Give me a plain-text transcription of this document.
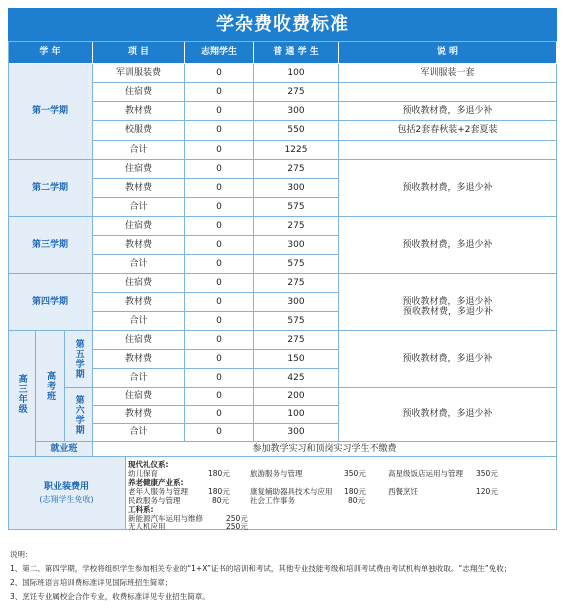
学杂费收费标准
学 年	项 目	志翔学生	普 通 学 生	说 明
第一学期
军训服装费	0	100	军训服装一套
住宿费	0	275
教材费	0	300	预收教材费，多退少补
校服费	0	550	包括2套春秋装+2套夏装
合计	0	1225
第二学期
住宿费	0	275
教材费	0	300
合计	0	575
预收教材费，多退少补
第三学期
住宿费	0	275
教材费	0	300
合计	0	575
预收教材费，多退少补
第四学期
住宿费	0	275
教材费	0	300
合计	0	575
预收教材费，多退少补
预收教材费，多退少补
高三年级	高考班
第五学期
第六学期
住宿费	0	275
教材费	0	150
合计	0	425
预收教材费，多退少补
住宿费	0	200
教材费	0	100
合计	0	300
预收教材费，多退少补
就业班	参加教学实习和顶岗实习学生不缴费
职业装费用
(志翔学生免收)
现代礼仪系:
幼儿保育	180元	旅游服务与管理	350元	高星级饭店运用与管理 350元
养老健康产业系:
老年人服务与管理	180元	康复辅助器具技术与应用 180元	西餐烹饪	120元
民政服务与管理	80元	社会工作事务	80元
工科系:
新能源汽车运用与维修	250元
无人机应用	250元
说明：
1、第二、第四学期，学校将组织学生参加相关专业的“1+X”证书的培训和考试，其他专业技能考级和培训考试费由考试机构单独收取。“志翔生”免收；
2、国际班语言培训费标准详见国际班招生简章；
3、烹饪专业属校企合作专业，收费标准详见专业招生简章。
